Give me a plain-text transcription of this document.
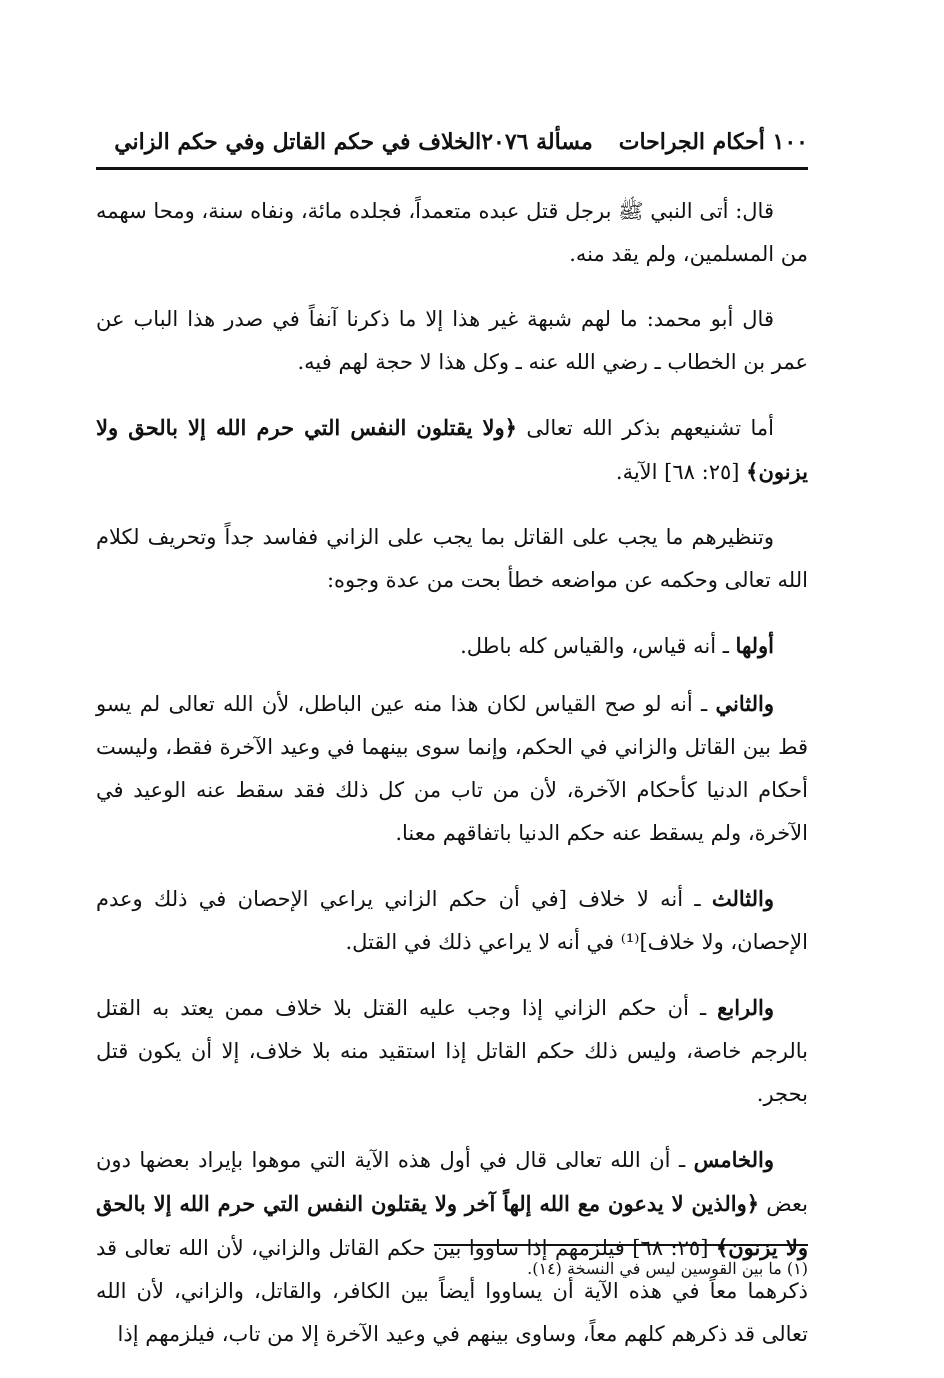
١٠٠

أحكام الجراحات
مسألة ٢٠٧٦
الخلاف في حكم القاتل وفي حكم الزاني

قال: أتى النبي ﷺ برجل قتل عبده متعمداً، فجلده مائة، ونفاه سنة، ومحا سهمه من المسلمين، ولم يقد منه.

قال أبو محمد: ما لهم شبهة غير هذا إلا ما ذكرنا آنفاً في صدر هذا الباب عن عمر بن الخطاب ـ رضي الله عنه ـ وكل هذا لا حجة لهم فيه.

أما تشنيعهم بذكر الله تعالى ﴿ولا يقتلون النفس التي حرم الله إلا بالحق ولا يزنون﴾ [٢٥: ٦٨] الآية.

وتنظيرهم ما يجب على القاتل بما يجب على الزاني ففاسد جداً وتحريف لكلام الله تعالى وحكمه عن مواضعه خطأ بحت من عدة وجوه:

أولها ـ أنه قياس، والقياس كله باطل.

والثاني ـ أنه لو صح القياس لكان هذا منه عين الباطل، لأن الله تعالى لم يسو قط بين القاتل والزاني في الحكم، وإنما سوى بينهما في وعيد الآخرة فقط، وليست أحكام الدنيا كأحكام الآخرة، لأن من تاب من كل ذلك فقد سقط عنه الوعيد في الآخرة، ولم يسقط عنه حكم الدنيا باتفاقهم معنا.

والثالث ـ أنه لا خلاف [في أن حكم الزاني يراعي الإحصان في ذلك وعدم الإحصان، ولا خلاف]⁽¹⁾ في أنه لا يراعي ذلك في القتل.

والرابع ـ أن حكم الزاني إذا وجب عليه القتل بلا خلاف ممن يعتد به القتل بالرجم خاصة، وليس ذلك حكم القاتل إذا استقيد منه بلا خلاف، إلا أن يكون قتل بحجر.

والخامس ـ أن الله تعالى قال في أول هذه الآية التي موهوا بإيراد بعضها دون بعض ﴿والذين لا يدعون مع الله إلهاً آخر ولا يقتلون النفس التي حرم الله إلا بالحق ولا يزنون﴾ [٢٥: ٦٨] فيلزمهم إذا ساووا بين حكم القاتل والزاني، لأن الله تعالى قد ذكرهما معاً في هذه الآية أن يساووا أيضاً بين الكافر، والقاتل، والزاني، لأن الله تعالى قد ذكرهم كلهم معاً، وساوى بينهم في وعيد الآخرة إلا من تاب، فيلزمهم إذا

(١) ما بين القوسين ليس في النسخة (١٤).
